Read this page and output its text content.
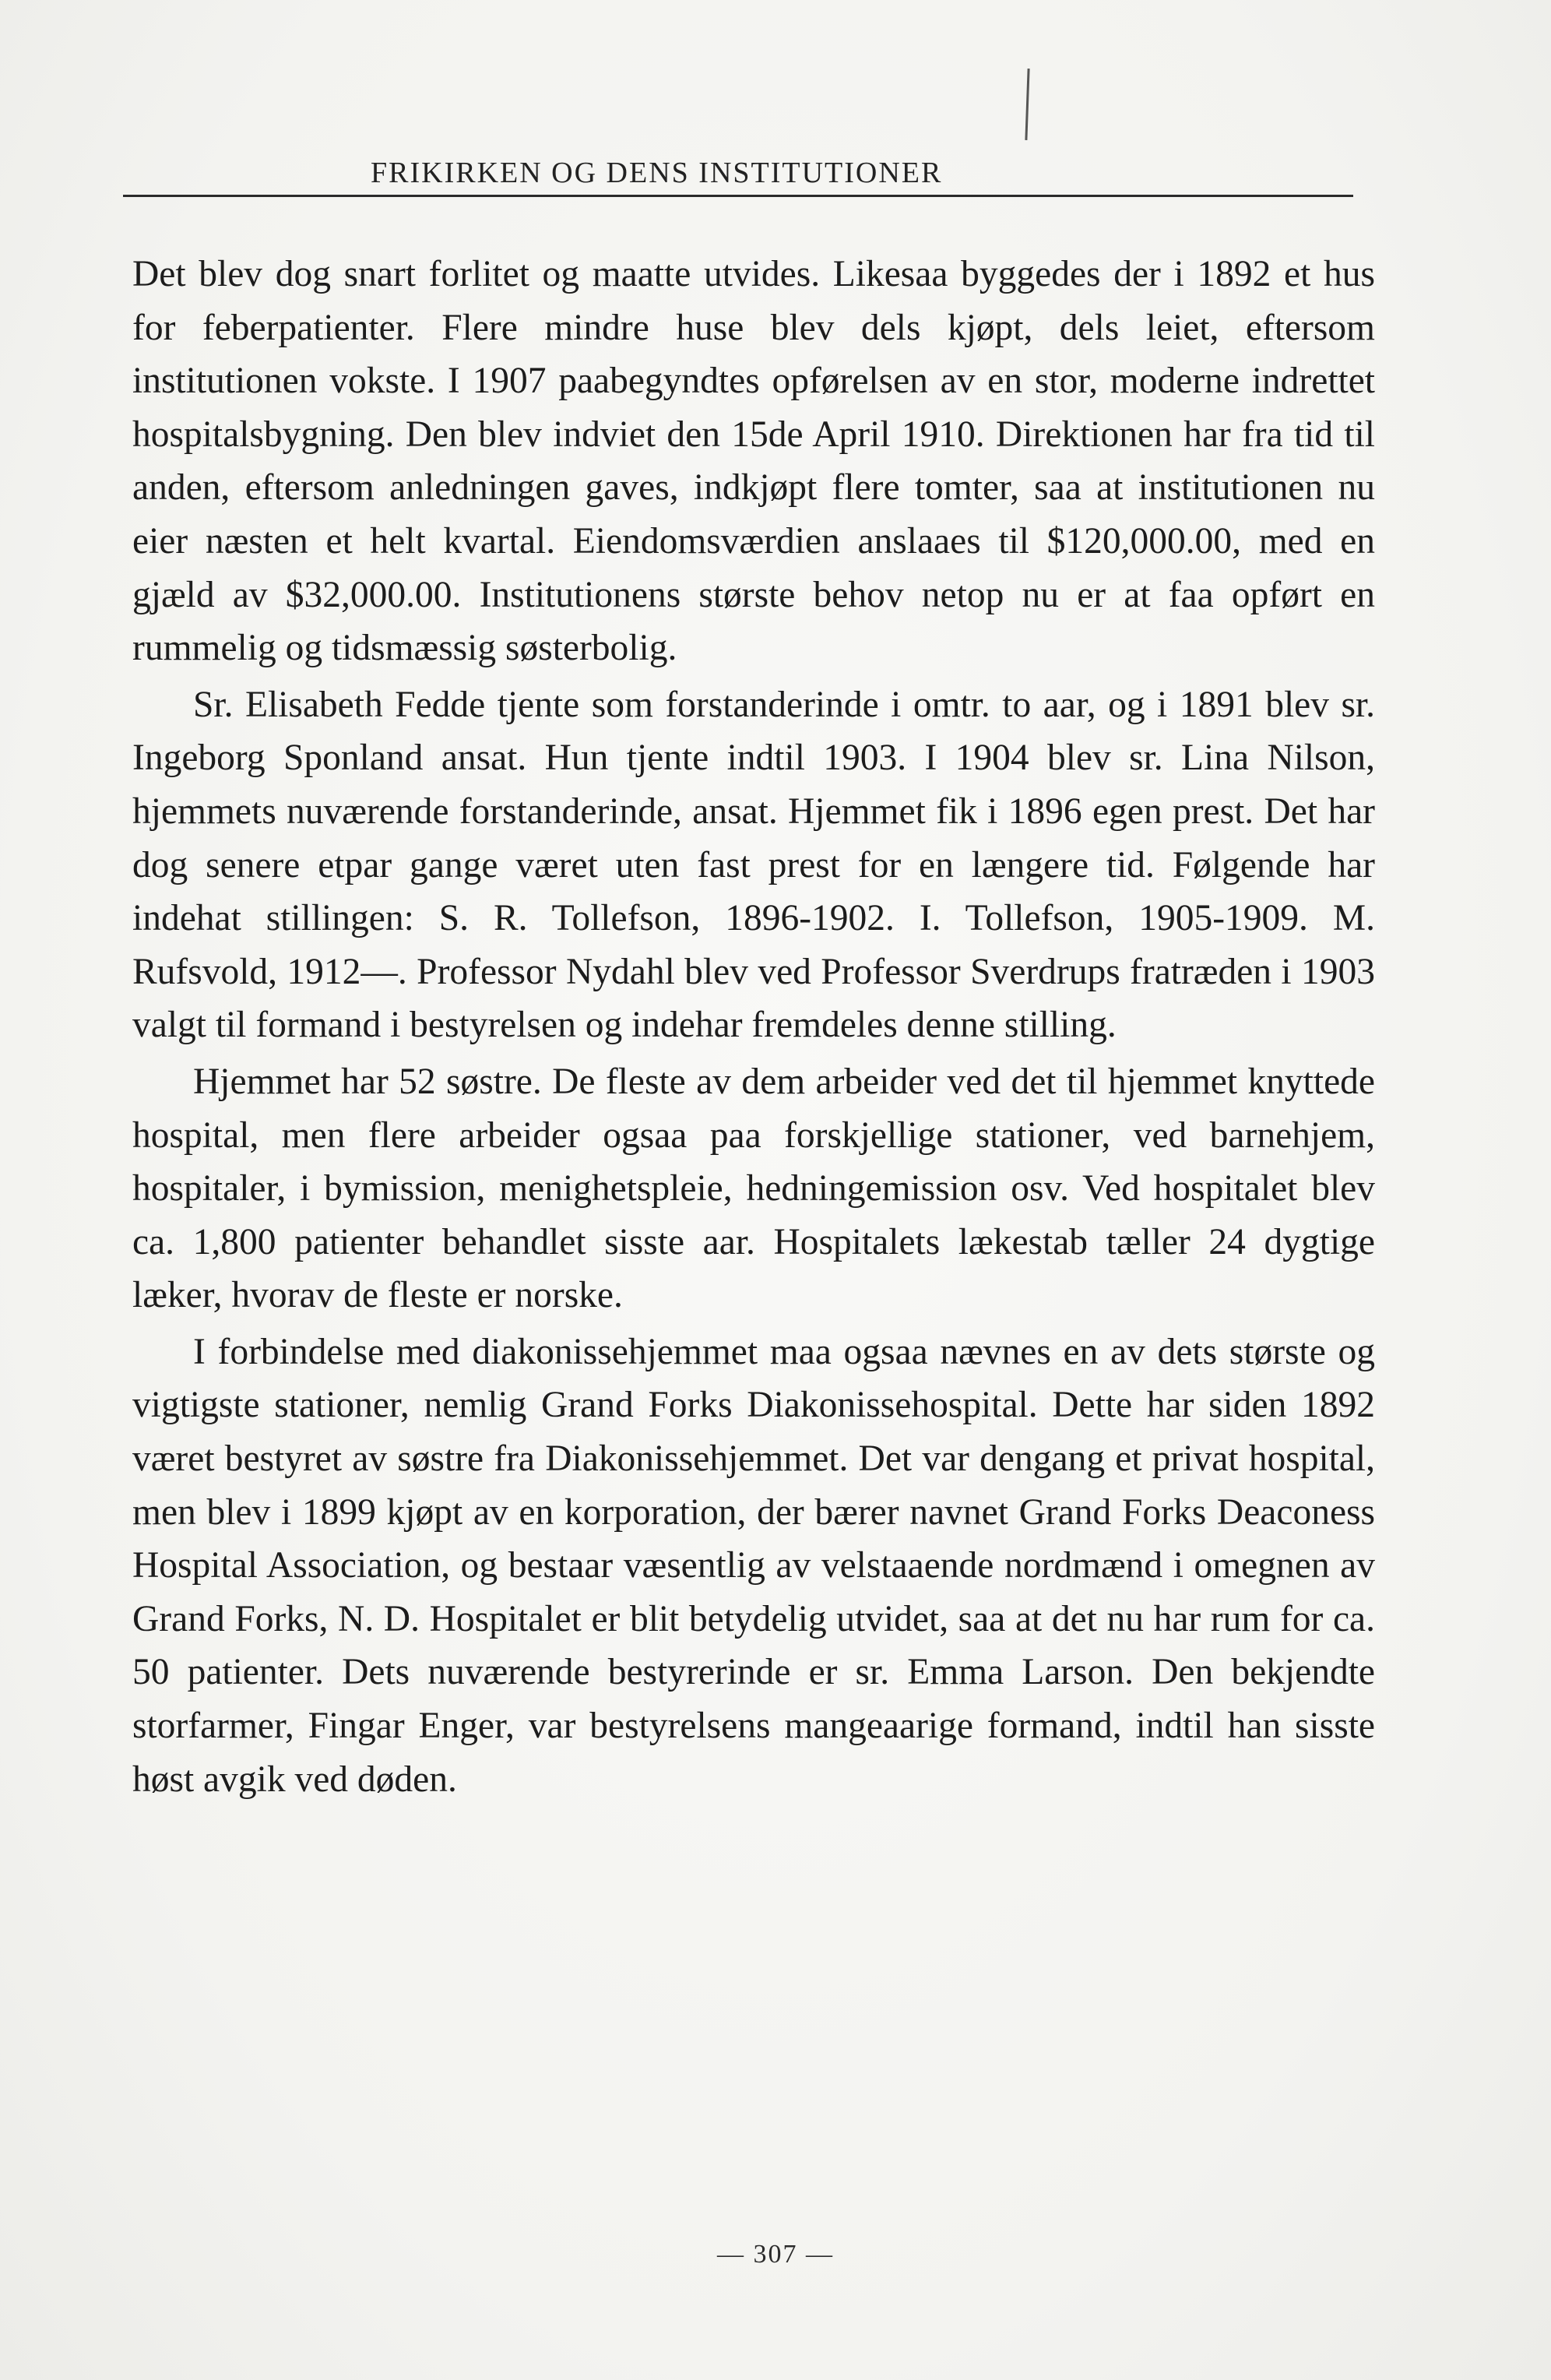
FRIKIRKEN OG DENS INSTITUTIONER

Det blev dog snart forlitet og maatte utvides. Likesaa byggedes der i 1892 et hus for feberpatienter. Flere mindre huse blev dels kjøpt, dels leiet, eftersom institutionen vokste. I 1907 paabegyndtes opførelsen av en stor, moderne indrettet hospitalsbygning. Den blev indviet den 15de April 1910. Direktionen har fra tid til anden, eftersom anledningen gaves, indkjøpt flere tomter, saa at institutionen nu eier næsten et helt kvartal. Eiendomsværdien anslaaes til $120,000.00, med en gjæld av $32,000.00. Institutionens største behov netop nu er at faa opført en rummelig og tidsmæssig søsterbolig.

Sr. Elisabeth Fedde tjente som forstanderinde i omtr. to aar, og i 1891 blev sr. Ingeborg Sponland ansat. Hun tjente indtil 1903. I 1904 blev sr. Lina Nilson, hjemmets nuværende forstanderinde, ansat. Hjemmet fik i 1896 egen prest. Det har dog senere etpar gange været uten fast prest for en længere tid. Følgende har indehat stillingen: S. R. Tollefson, 1896-1902. I. Tollefson, 1905-1909. M. Rufsvold, 1912—. Professor Nydahl blev ved Professor Sverdrups fratræden i 1903 valgt til formand i bestyrelsen og indehar fremdeles denne stilling.

Hjemmet har 52 søstre. De fleste av dem arbeider ved det til hjemmet knyttede hospital, men flere arbeider ogsaa paa forskjellige stationer, ved barnehjem, hospitaler, i bymission, menighetspleie, hedningemission osv. Ved hospitalet blev ca. 1,800 patienter behandlet sisste aar. Hospitalets lækestab tæller 24 dygtige læker, hvorav de fleste er norske.

I forbindelse med diakonissehjemmet maa ogsaa nævnes en av dets største og vigtigste stationer, nemlig Grand Forks Diakonissehospital. Dette har siden 1892 været bestyret av søstre fra Diakonissehjemmet. Det var dengang et privat hospital, men blev i 1899 kjøpt av en korporation, der bærer navnet Grand Forks Deaconess Hospital Association, og bestaar væsentlig av velstaaende nordmænd i omegnen av Grand Forks, N. D. Hospitalet er blit betydelig utvidet, saa at det nu har rum for ca. 50 patienter. Dets nuværende bestyrerinde er sr. Emma Larson. Den bekjendte storfarmer, Fingar Enger, var bestyrelsens mangeaarige formand, indtil han sisste høst avgik ved døden.

— 307 —
